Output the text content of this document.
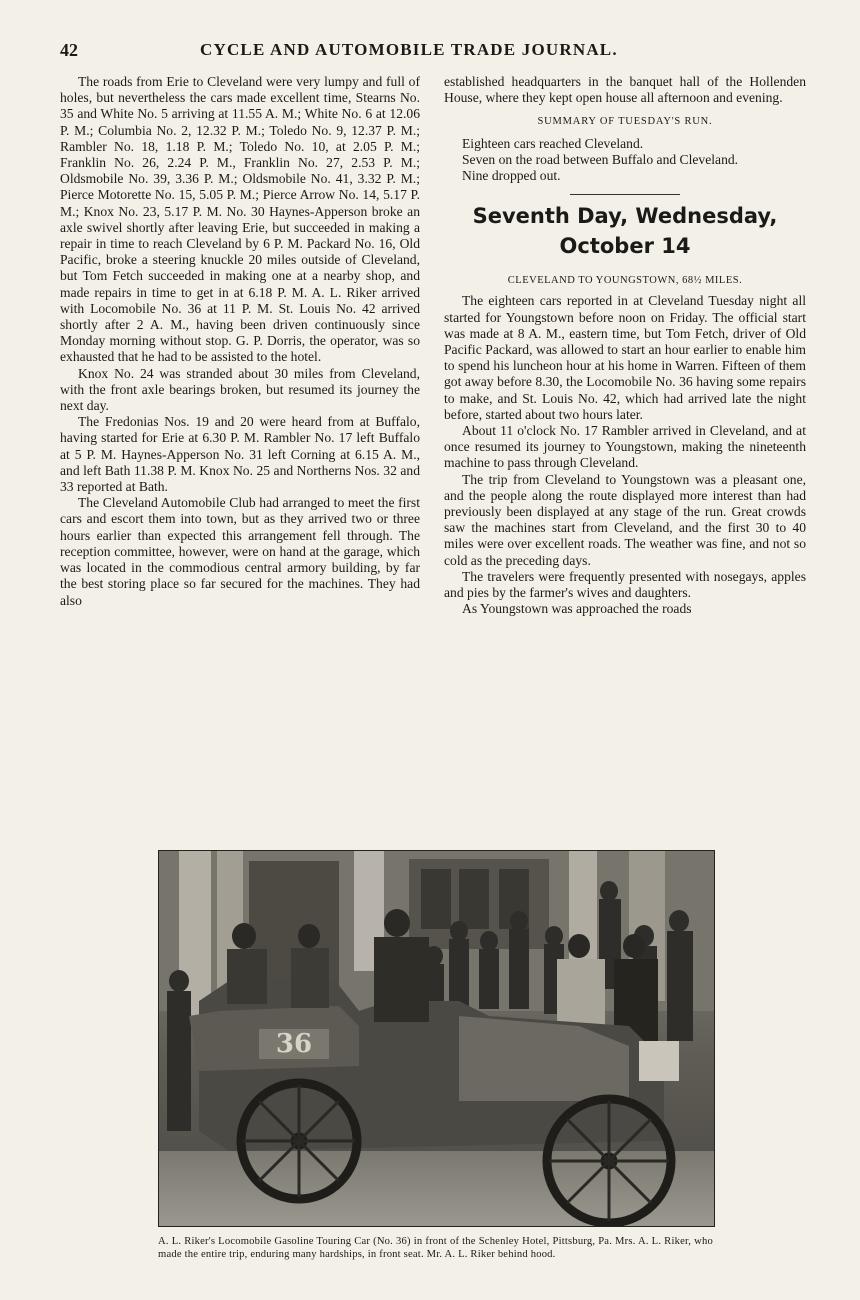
42	CYCLE AND AUTOMOBILE TRADE JOURNAL.

The roads from Erie to Cleveland were very lumpy and full of holes, but nevertheless the cars made excellent time, Stearns No. 35 and White No. 5 arriving at 11.55 A. M.; White No. 6 at 12.06 P. M.; Columbia No. 2, 12.32 P. M.; Toledo No. 9, 12.37 P. M.; Rambler No. 18, 1.18 P. M.; Toledo No. 10, at 2.05 P. M.; Franklin No. 26, 2.24 P. M., Franklin No. 27, 2.53 P. M.; Oldsmobile No. 39, 3.36 P. M.; Oldsmobile No. 41, 3.32 P. M.; Pierce Motorette No. 15, 5.05 P. M.; Pierce Arrow No. 14, 5.17 P. M.; Knox No. 23, 5.17 P. M. No. 30 Haynes-Apperson broke an axle swivel shortly after leaving Erie, but succeeded in making a repair in time to reach Cleveland by 6 P. M. Packard No. 16, Old Pacific, broke a steering knuckle 20 miles outside of Cleveland, but Tom Fetch succeeded in making one at a nearby shop, and made repairs in time to get in at 6.18 P. M. A. L. Riker arrived with Locomobile No. 36 at 11 P. M. St. Louis No. 42 arrived shortly after 2 A. M., having been driven continuously since Monday morning without stop. G. P. Dorris, the operator, was so exhausted that he had to be assisted to the hotel.

Knox No. 24 was stranded about 30 miles from Cleveland, with the front axle bearings broken, but resumed its journey the next day.

The Fredonias Nos. 19 and 20 were heard from at Buffalo, having started for Erie at 6.30 P. M. Rambler No. 17 left Buffalo at 5 P. M. Haynes-Apperson No. 31 left Corning at 6.15 A. M., and left Bath 11.38 P. M. Knox No. 25 and Northerns Nos. 32 and 33 reported at Bath.

The Cleveland Automobile Club had arranged to meet the first cars and escort them into town, but as they arrived two or three hours earlier than expected this arrangement fell through. The reception committee, however, were on hand at the garage, which was located in the commodious central armory building, by far the best storing place so far secured for the machines. They had also

established headquarters in the banquet hall of the Hollenden House, where they kept open house all afternoon and evening.

SUMMARY OF TUESDAY'S RUN.

Eighteen cars reached Cleveland.

Seven on the road between Buffalo and Cleveland.

Nine dropped out.

Seventh Day, Wednesday,
October 14
CLEVELAND TO YOUNGSTOWN, 68½ MILES.

The eighteen cars reported in at Cleveland Tuesday night all started for Youngstown before noon on Friday. The official start was made at 8 A. M., eastern time, but Tom Fetch, driver of Old Pacific Packard, was allowed to start an hour earlier to enable him to spend his luncheon hour at his home in Warren. Fifteen of them got away before 8.30, the Locomobile No. 36 having some repairs to make, and St. Louis No. 42, which had arrived late the night before, started about two hours later.

About 11 o'clock No. 17 Rambler arrived in Cleveland, and at once resumed its journey to Youngstown, making the nineteenth machine to pass through Cleveland.

The trip from Cleveland to Youngstown was a pleasant one, and the people along the route displayed more interest than had previously been displayed at any stage of the run. Great crowds saw the machines start from Cleveland, and the first 30 to 40 miles were over excellent roads. The weather was fine, and not so cold as the preceding days.

The travelers were frequently presented with nosegays, apples and pies by the farmer's wives and daughters.

As Youngstown was approached the roads

36
A. L. Riker's Locomobile Gasoline Touring Car (No. 36) in front of the Schenley Hotel, Pittsburg, Pa. Mrs. A. L. Riker, who made the entire trip, enduring many hardships, in front seat. Mr. A. L. Riker behind hood.
